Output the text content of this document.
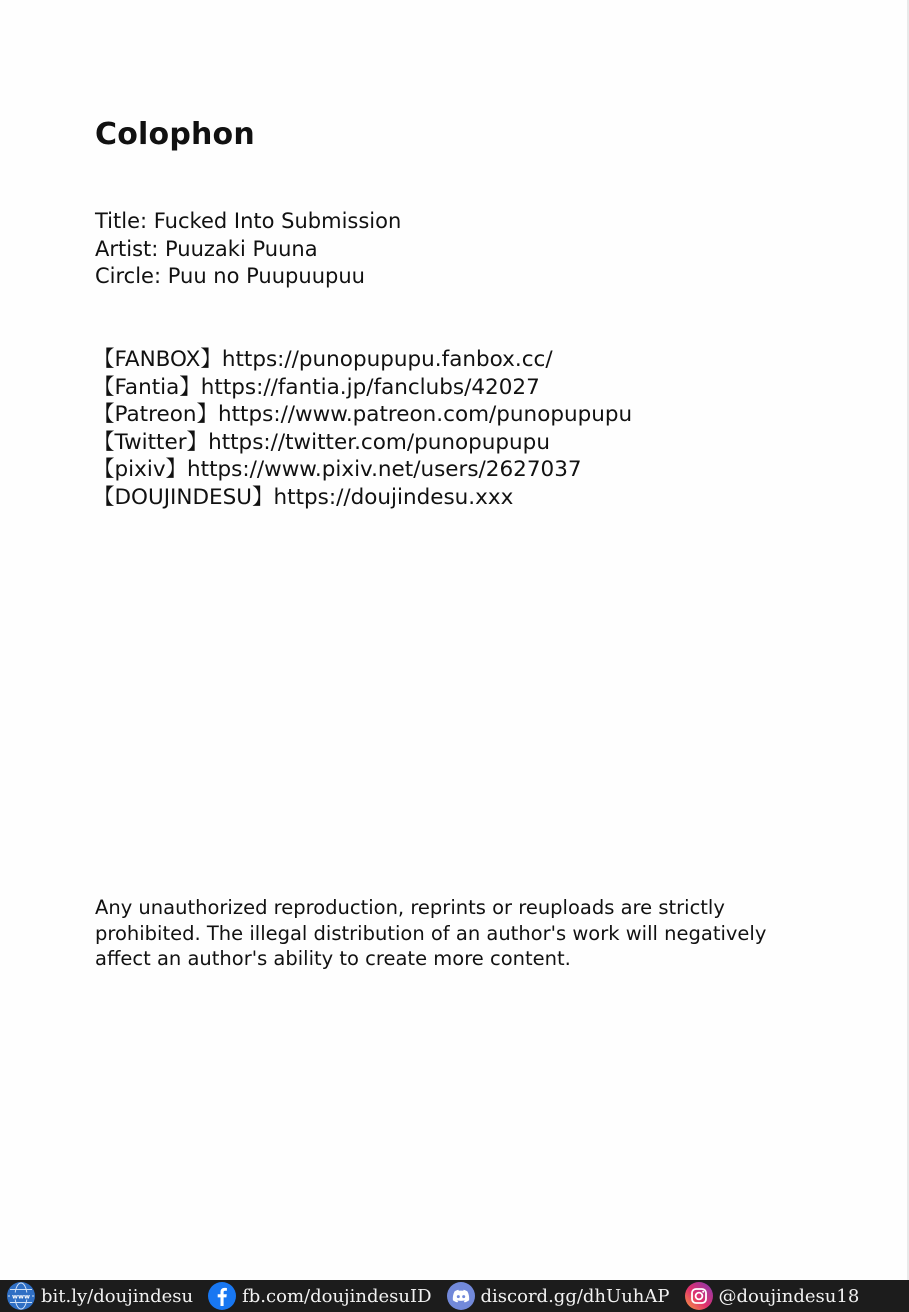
Colophon
Title: Fucked Into Submission
Artist: Puuzaki Puuna
Circle: Puu no Puupuupuu
【FANBOX】https://punopupupu.fanbox.cc/
【Fantia】https://fantia.jp/fanclubs/42027
【Patreon】https://www.patreon.com/punopupupu
【Twitter】https://twitter.com/punopupupu
【pixiv】https://www.pixiv.net/users/2627037
【DOUJINDESU】https://doujindesu.xxx

Any unauthorized reproduction, reprints or reuploads are strictly prohibited. The illegal distribution of an author's work will negatively affect an author's ability to create more content.

www bit.ly/doujindesu	fb.com/doujindesuID	discord.gg/dhUuhAP	@doujindesu18
